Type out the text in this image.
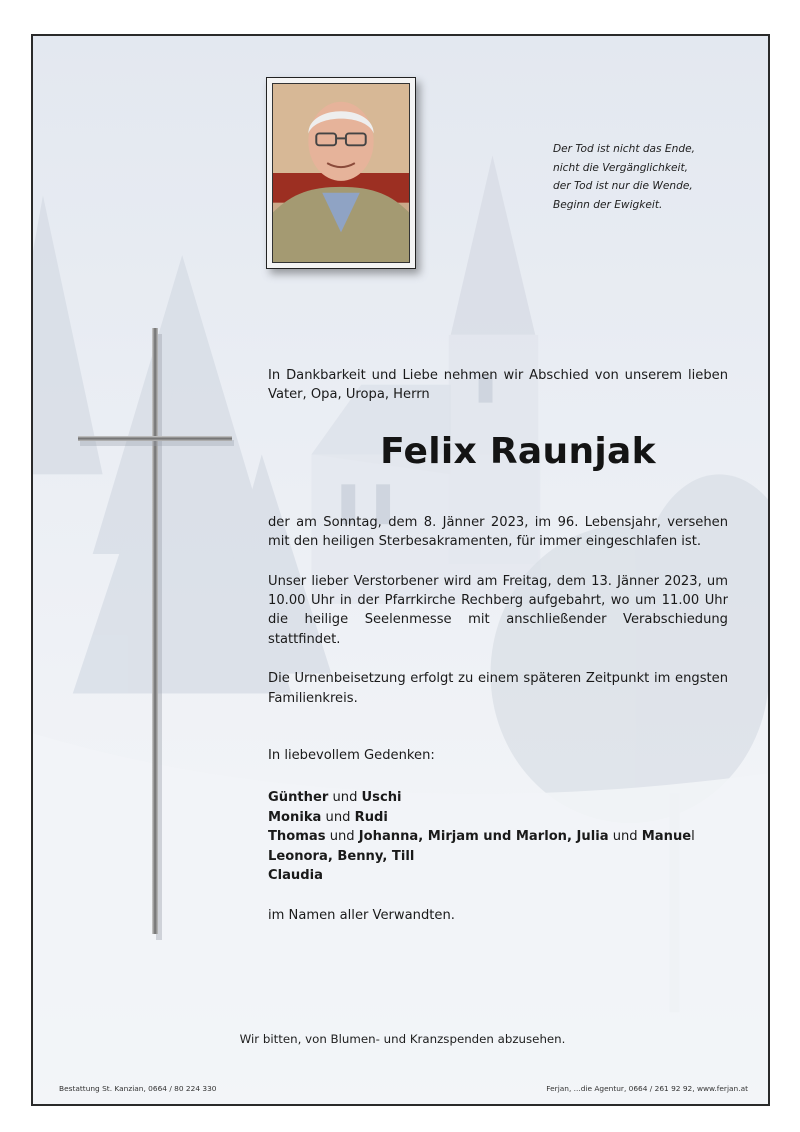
Der Tod ist nicht das Ende,
nicht die Vergänglichkeit,
der Tod ist nur die Wende,
Beginn der Ewigkeit.

In Dankbarkeit und Liebe nehmen wir Abschied von unserem lieben Vater, Opa, Uropa, Herrn

Felix Raunjak

der am Sonntag, dem 8. Jänner 2023, im 96. Lebensjahr, versehen mit den heiligen Sterbesakramenten, für immer eingeschlafen ist.

Unser lieber Verstorbener wird am Freitag, dem 13. Jänner 2023, um 10.00 Uhr in der Pfarrkirche Rechberg aufgebahrt, wo um 11.00 Uhr die heilige Seelenmesse mit anschließender Verabschiedung stattfindet.

Die Urnenbeisetzung erfolgt zu einem späteren Zeitpunkt im engsten Familienkreis.

In liebevollem Gedenken:

Günther und Uschi
Monika und Rudi
Thomas und Johanna, Mirjam und Marlon, Julia und Manuel
Leonora, Benny, Till
Claudia

im Namen aller Verwandten.

Wir bitten, von Blumen- und Kranzspenden abzusehen.
Bestattung St. Kanzian, 0664 / 80 224 330	Ferjan, ...die Agentur, 0664 / 261 92 92, www.ferjan.at
